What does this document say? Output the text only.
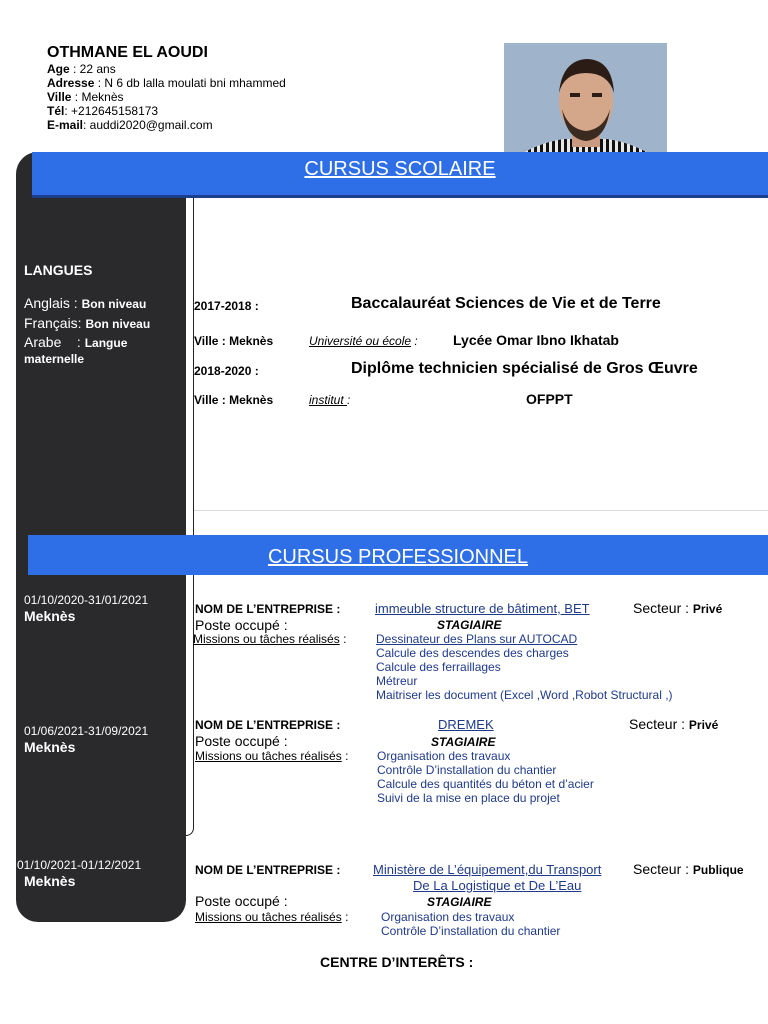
OTHMANE EL AOUDI
Age : 22 ans
Adresse : N 6 db lalla moulati bni mhammed
Ville : Meknès
Tél: +212645158173
E-mail: auddi2020@gmail.com
CURSUS SCOLAIRE
CURSUS PROFESSIONNEL
LANGUES
Anglais : Bon niveau
Français: Bon niveau
Arabe    : Langue
maternelle
2017-2018 :	Baccalauréat Sciences de Vie et de Terre
Ville : Meknès	Université ou école :	Lycée Omar Ibno Ikhatab
2018-2020 :	Diplôme technicien spécialisé de Gros Œuvre
Ville : Meknès	institut :	OFPPT
01/10/2020-31/01/2021
Meknès	NOM DE L’ENTREPRISE :	immeuble structure de bâtiment, BET	Secteur : Privé
Poste occupé :	STAGIAIRE
Missions ou tâches réalisés : Dessinateur des Plans sur AUTOCAD
Calcule des descendes des charges
Calcule des ferraillages
Métreur
Maitriser les document (Excel ,Word ,Robot Structural ,)
01/06/2021-31/09/2021
Meknès
NOM DE L’ENTREPRISE :	DREMEK	Secteur : Privé
Poste occupé :	STAGIAIRE
Missions ou tâches réalisés : Organisation des travaux
Contrôle D’installation du chantier
Calcule des quantités du béton et d’acier
Suivi de la mise en place du projet
01/10/2021-01/12/2021
Meknès
NOM DE L’ENTREPRISE :	Ministère de L’équipement,du Transport
De La Logistique et De L’Eau
Secteur : Publique
Poste occupé :	STAGIAIRE
Missions ou tâches réalisés :	Organisation des travaux
Contrôle D’installation du chantier
CENTRE D’INTERÊTS :
